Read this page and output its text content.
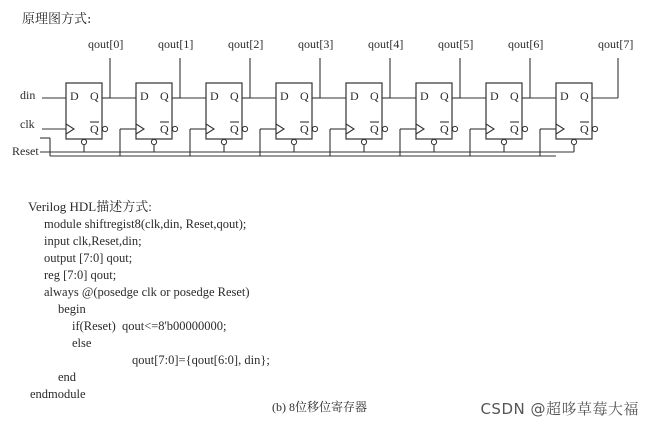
原理图方式:
din
clk
Reset
D Q
Q
qout[0]
D Q
Q
qout[1]
D Q
Q
qout[2]
D Q
Q
qout[3]
D Q
Q
qout[4]
D Q
Q
qout[5]
D Q
Q
qout[6]
D Q
Q
qout[7]
Verilog HDL描述方式:
module shiftregist8(clk,din, Reset,qout);
input clk,Reset,din;
output [7:0] qout;
reg [7:0] qout;
always @(posedge clk or posedge Reset)
begin
if(Reset)  qout<=8'b00000000;
else
qout[7:0]={qout[6:0], din};
end
endmodule
(b) 8位移位寄存器	CSDN @超哆草莓大福
